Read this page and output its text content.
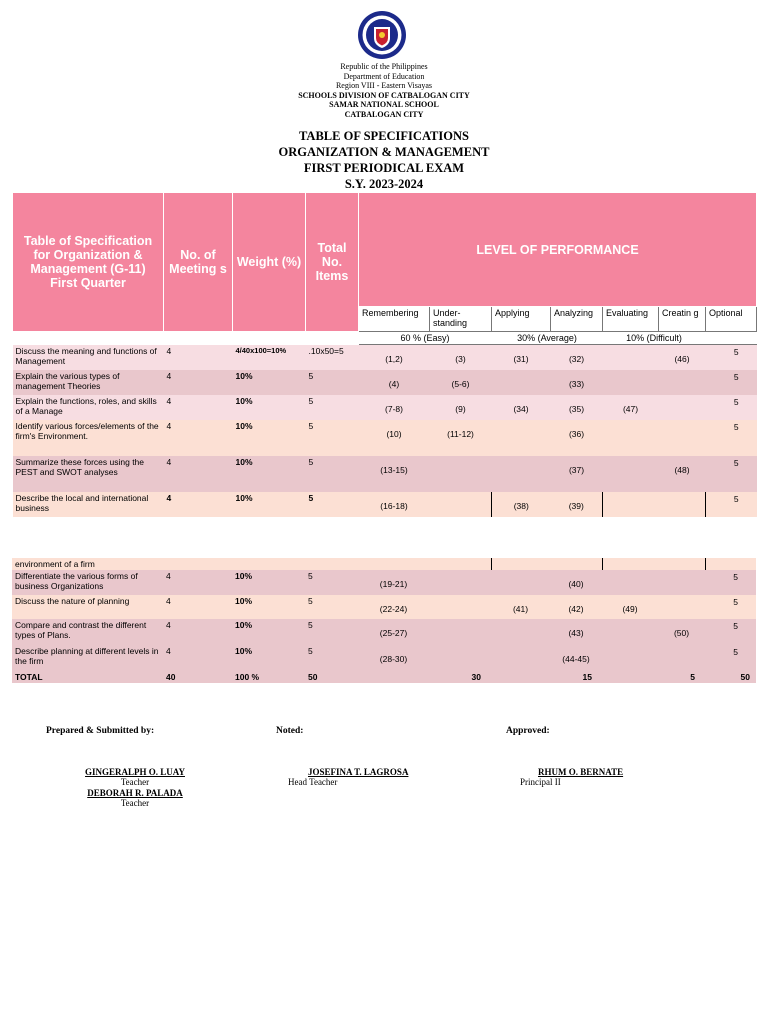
Republic of the Philippines
Department of Education
Region VIII - Eastern Visayas
SCHOOLS DIVISION OF CATBALOGAN CITY
SAMAR NATIONAL SCHOOL
CATBALOGAN CITY
TABLE OF SPECIFICATIONS
ORGANIZATION & MANAGEMENT
FIRST PERIODICAL EXAM
S.Y. 2023-2024
Table of Specification for Organization & Management (G-11) First Quarter	No. of Meeting s	Weight (%)	Total No. Items	LEVEL OF PERFORMANCE						
				Remembering	Under- standing	Applying	Analyzing	Evaluating	Creatin g	Optional
				60 % (Easy)		30% (Average)		10% (Difficult)		
Discuss the meaning and functions of Management	4	4/40x100=10%	.10x50=5	(1,2)	(3)	(31)	(32)		(46)	5
Explain the various types of management Theories	4	10%	5	(4)	(5-6)		(33)			5
Explain the functions, roles, and skills of a Manage	4	10%	5	(7-8)	(9)	(34)	(35)	(47)		5
Identify various forces/elements of the firm's Environment.	4	10%	5	(10)	(11-12)		(36)			5
Summarize these forces using the PEST and SWOT analyses	4	10%	5	(13-15)			(37)		(48)	5
Describe the local and international business	4	10%	5	(16-18)		(38)	(39)			5
environment of a firm										
Differentiate the various forms of business Organizations	4	10%	5	(19-21)			(40)			5
Discuss the nature of planning	4	10%	5	(22-24)		(41)	(42)	(49)		5
Compare and contrast the different types of Plans.	4	10%	5	(25-27)			(43)		(50)	5
Describe planning at different levels in the firm	4	10%	5	(28-30)			(44-45)			5
TOTAL	40	100 %	50	30		15		5		50
Prepared & Submitted by:	Noted:	Approved:
GINGERALPH O. LUAY
Teacher
DEBORAH R. PALADA
Teacher
JOSEFINA T. LAGROSA
Head Teacher
RHUM O. BERNATE
Principal II
